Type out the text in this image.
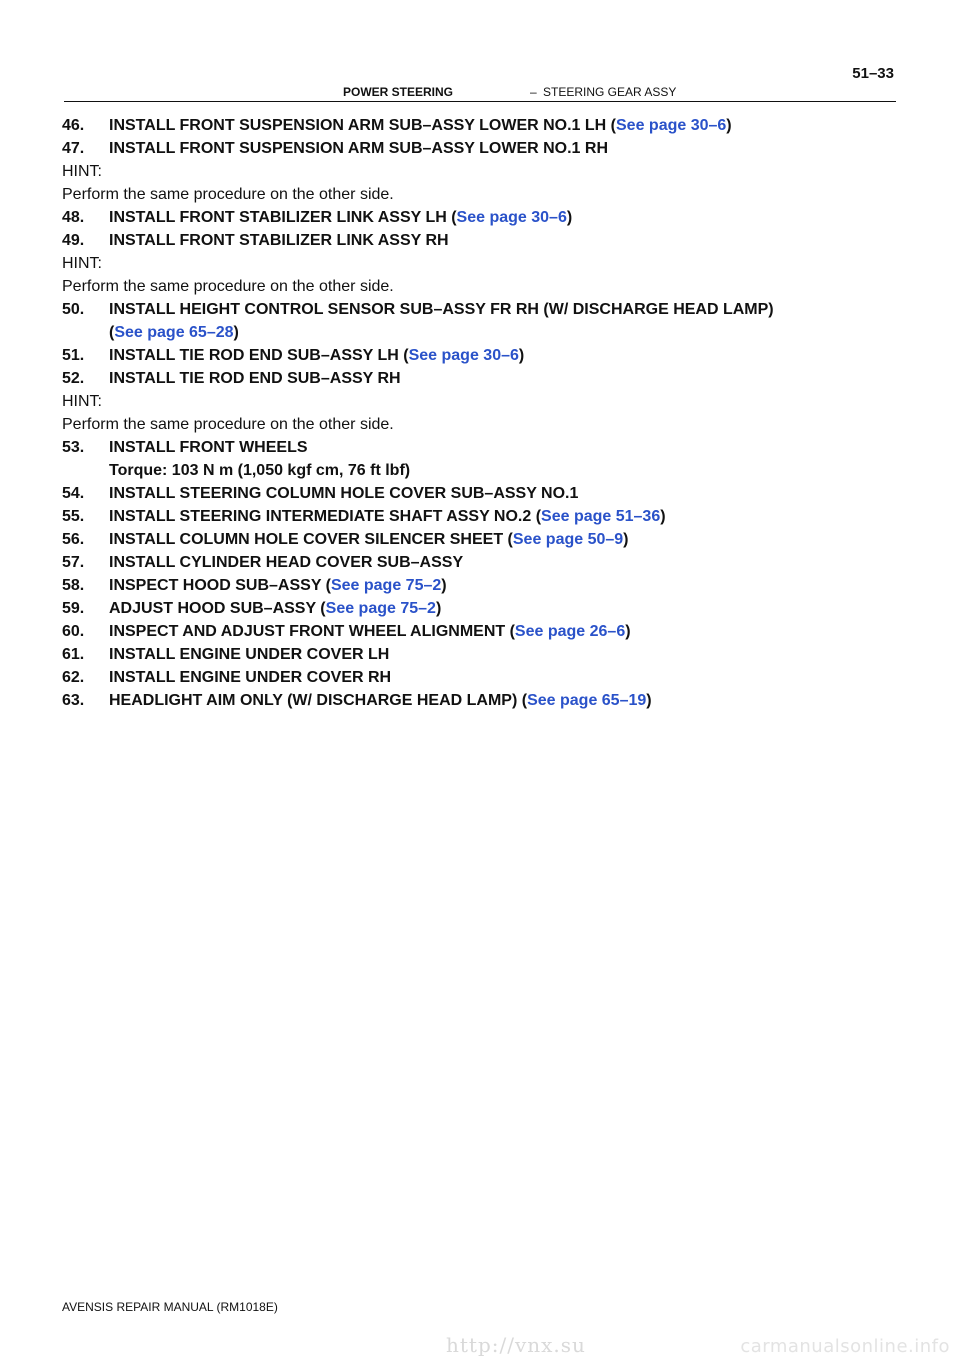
POWER STEERING	– STEERING GEAR ASSY
51–33
46. INSTALL FRONT SUSPENSION ARM SUB–ASSY LOWER NO.1 LH (See page 30–6)
47. INSTALL FRONT SUSPENSION ARM SUB–ASSY LOWER NO.1 RH
HINT:
Perform the same procedure on the other side.
48. INSTALL FRONT STABILIZER LINK ASSY LH (See page 30–6)
49. INSTALL FRONT STABILIZER LINK ASSY RH
HINT:
Perform the same procedure on the other side.
50. INSTALL HEIGHT CONTROL SENSOR SUB–ASSY FR RH (W/ DISCHARGE HEAD LAMP)
(See page 65–28)
51. INSTALL TIE ROD END SUB–ASSY LH (See page 30–6)
52. INSTALL TIE ROD END SUB–ASSY RH
HINT:
Perform the same procedure on the other side.
53. INSTALL FRONT WHEELS
Torque: 103 N m (1,050 kgf cm, 76 ft lbf)
54. INSTALL STEERING COLUMN HOLE COVER SUB–ASSY NO.1
55. INSTALL STEERING INTERMEDIATE SHAFT ASSY NO.2 (See page 51–36)
56. INSTALL COLUMN HOLE COVER SILENCER SHEET (See page 50–9)
57. INSTALL CYLINDER HEAD COVER SUB–ASSY
58. INSPECT HOOD SUB–ASSY (See page 75–2)
59. ADJUST HOOD SUB–ASSY (See page 75–2)
60. INSPECT AND ADJUST FRONT WHEEL ALIGNMENT (See page 26–6)
61. INSTALL ENGINE UNDER COVER LH
62. INSTALL ENGINE UNDER COVER RH
63. HEADLIGHT AIM ONLY (W/ DISCHARGE HEAD LAMP) (See page 65–19)
AVENSIS REPAIR MANUAL (RM1018E)
http://vnx.su	carmanualsonline.info
